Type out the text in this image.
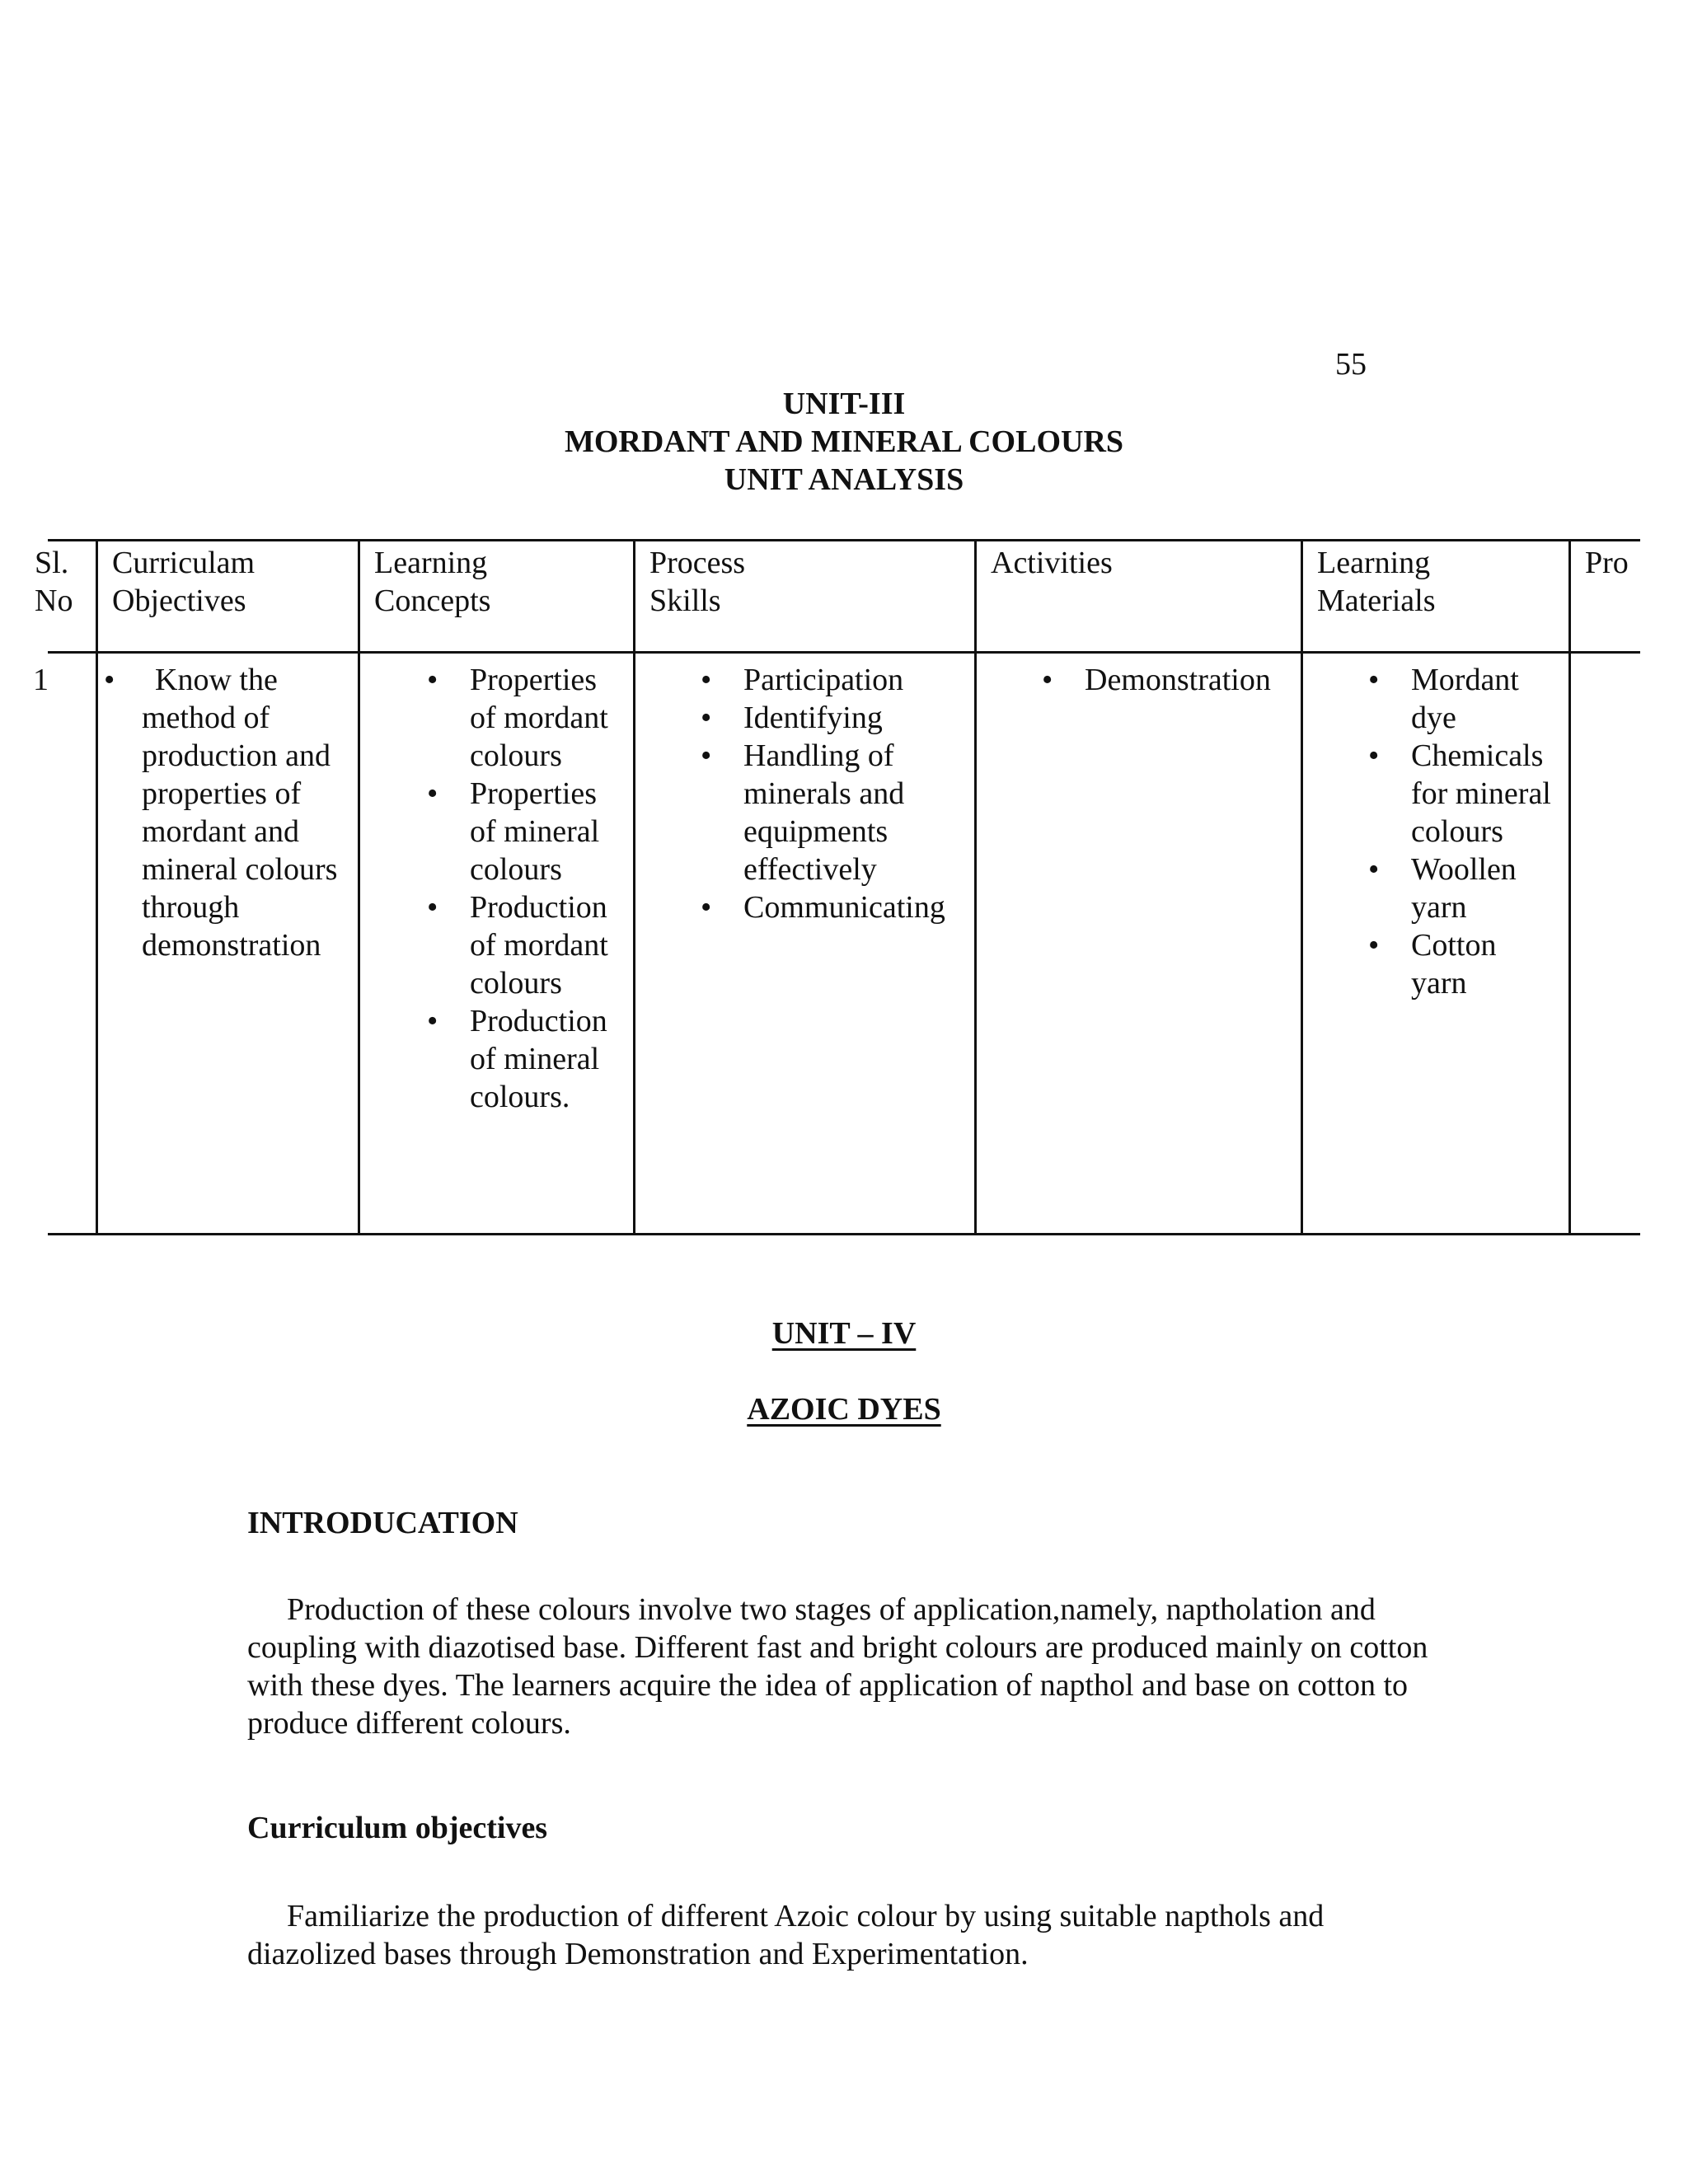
55
UNIT-III
MORDANT AND MINERAL COLOURS
UNIT ANALYSIS
Sl.
No
Curriculam Objectives
Learning Concepts
Process Skills
Activities	Learning Materials
Pro
1	•	Know the method of production and properties of mordant and mineral colours through demonstration
• Properties of mordant colours
• Properties of mineral colours
• Production of mordant colours
• Production of mineral colours.
• Participation
• Identifying
• Handling of minerals and equipments effectively
• Communicating
• Demonstration
•	Mordant dye
• Chemicals for mineral colours
• Woollen yarn
• Cotton yarn
UNIT – IV
AZOIC DYES
INTRODUCATION
Production of these colours involve two stages of application,namely, naptholation and coupling with diazotised base. Different fast and bright colours are produced mainly on cotton with these dyes. The learners acquire the idea of application of napthol and base on cotton to produce different colours.
Curriculum objectives
Familiarize the production of different Azoic colour by using suitable napthols and diazolized bases through Demonstration and Experimentation.
